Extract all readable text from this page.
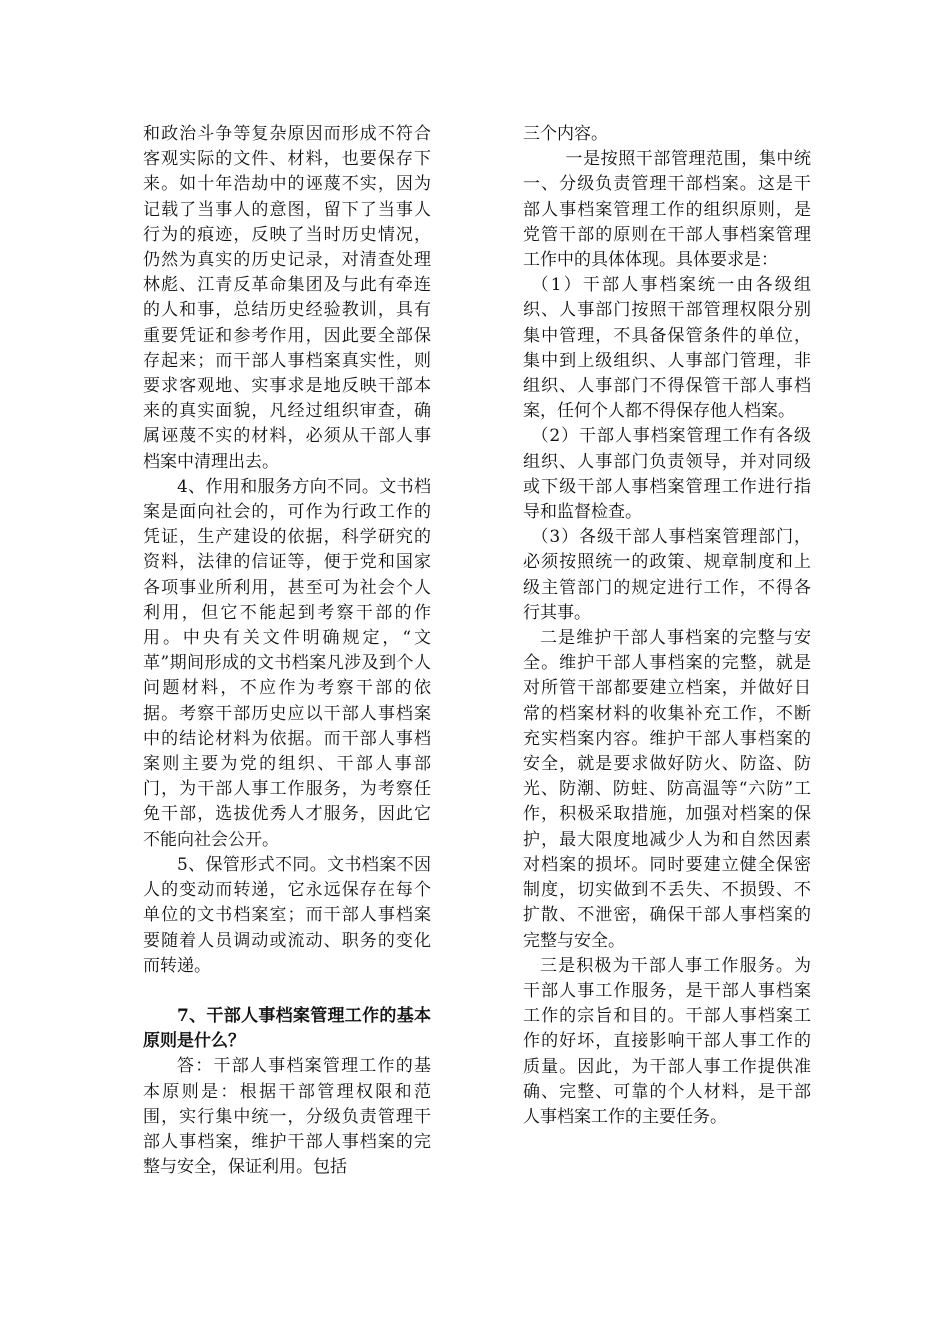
和政治斗争等复杂原因而形成不符合客观实际的文件、材料，也要保存下来。如十年浩劫中的诬蔑不实，因为记载了当事人的意图，留下了当事人行为的痕迹，反映了当时历史情况，仍然为真实的历史记录，对清查处理林彪、江青反革命集团及与此有牵连的人和事，总结历史经验教训，具有重要凭证和参考作用，因此要全部保存起来；而干部人事档案真实性，则要求客观地、实事求是地反映干部本来的真实面貌，凡经过组织审查，确属诬蔑不实的材料，必须从干部人事档案中清理出去。

4、作用和服务方向不同。文书档案是面向社会的，可作为行政工作的凭证，生产建设的依据，科学研究的资料，法律的信证等，便于党和国家各项事业所利用，甚至可为社会个人利用，但它不能起到考察干部的作用。中央有关文件明确规定，“文革”期间形成的文书档案凡涉及到个人问题材料，不应作为考察干部的依据。考察干部历史应以干部人事档案中的结论材料为依据。而干部人事档案则主要为党的组织、干部人事部门，为干部人事工作服务，为考察任免干部，选拔优秀人才服务，因此它不能向社会公开。

5、保管形式不同。文书档案不因人的变动而转递，它永远保存在每个单位的文书档案室；而干部人事档案要随着人员调动或流动、职务的变化而转递。

7、干部人事档案管理工作的基本原则是什么？

答：干部人事档案管理工作的基本原则是：根据干部管理权限和范围，实行集中统一，分级负责管理干部人事档案，维护干部人事档案的完整与安全，保证利用。包括

三个内容。

一是按照干部管理范围，集中统一、分级负责管理干部档案。这是干部人事档案管理工作的组织原则，是党管干部的原则在干部人事档案管理工作中的具体体现。具体要求是：

（1）干部人事档案统一由各级组织、人事部门按照干部管理权限分别集中管理，不具备保管条件的单位，集中到上级组织、人事部门管理，非组织、人事部门不得保管干部人事档案，任何个人都不得保存他人档案。

（2）干部人事档案管理工作有各级组织、人事部门负责领导，并对同级或下级干部人事档案管理工作进行指导和监督检查。

（3）各级干部人事档案管理部门，必须按照统一的政策、规章制度和上级主管部门的规定进行工作，不得各行其事。

二是维护干部人事档案的完整与安全。维护干部人事档案的完整，就是对所管干部都要建立档案，并做好日常的档案材料的收集补充工作，不断充实档案内容。维护干部人事档案的安全，就是要求做好防火、防盗、防光、防潮、防蛀、防高温等“六防”工作，积极采取措施，加强对档案的保护，最大限度地减少人为和自然因素对档案的损坏。同时要建立健全保密制度，切实做到不丢失、不损毁、不扩散、不泄密，确保干部人事档案的完整与安全。

三是积极为干部人事工作服务。为干部人事工作服务，是干部人事档案工作的宗旨和目的。干部人事档案工作的好坏，直接影响干部人事工作的质量。因此，为干部人事工作提供准确、完整、可靠的个人材料，是干部人事档案工作的主要任务。
